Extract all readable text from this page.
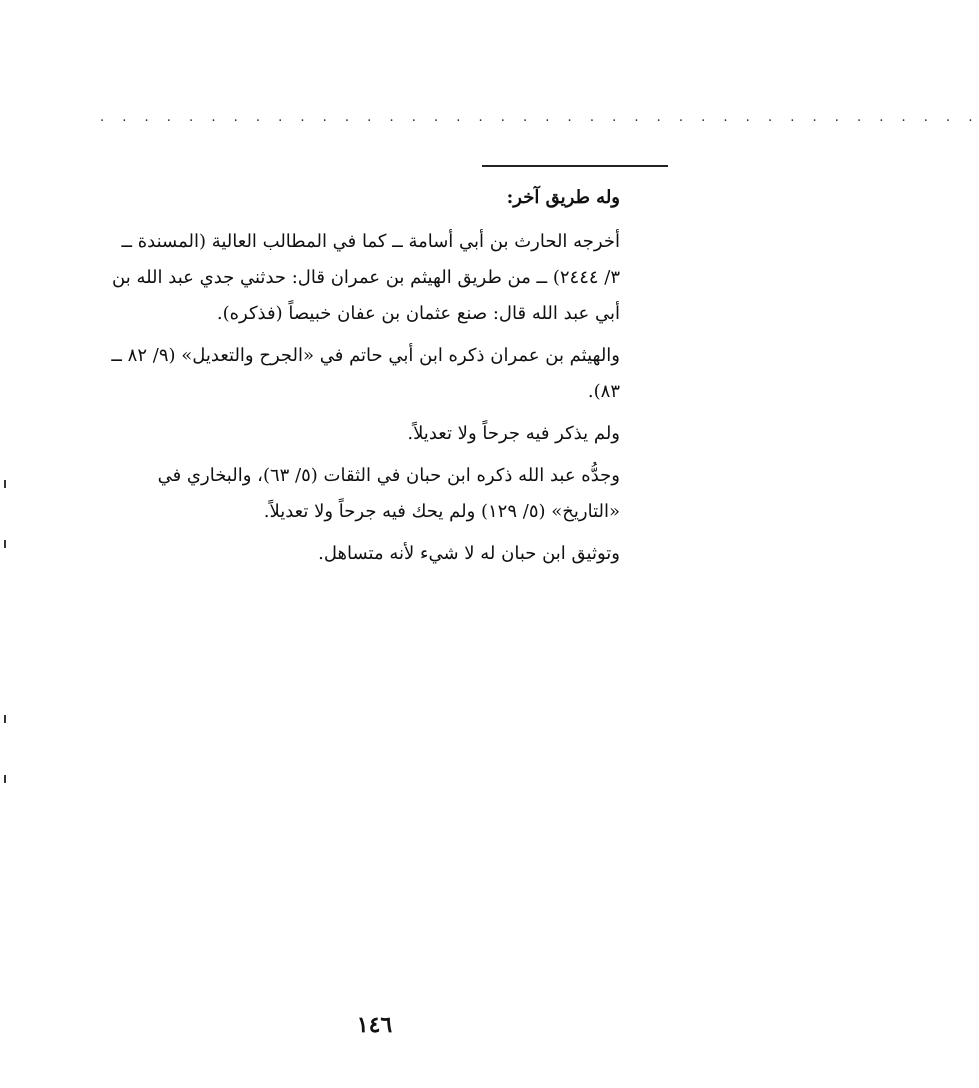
. . . . . . . . . . . . . . . . . . . . . . . . . . . . . . . . . . . . . . . .

وله طريق آخر:

أخرجه الحارث بن أبي أسامة ــ كما في المطالب العالية (المسندة ــ ٣/ ٢٤٤٤) ــ من طريق الهيثم بن عمران قال: حدثني جدي عبد الله بن أبي عبد الله قال: صنع عثمان بن عفان خبيصاً (فذكره).

والهيثم بن عمران ذكره ابن أبي حاتم في «الجرح والتعديل» (٩/ ٨٢ ــ ٨٣).

ولم يذكر فيه جرحاً ولا تعديلاً.

وجدُّه عبد الله ذكره ابن حبان في الثقات (٥/ ٦٣)، والبخاري في «التاريخ» (٥/ ١٢٩) ولم يحك فيه جرحاً ولا تعديلاً.

وتوثيق ابن حبان له لا شيء لأنه متساهل.

١٤٦
